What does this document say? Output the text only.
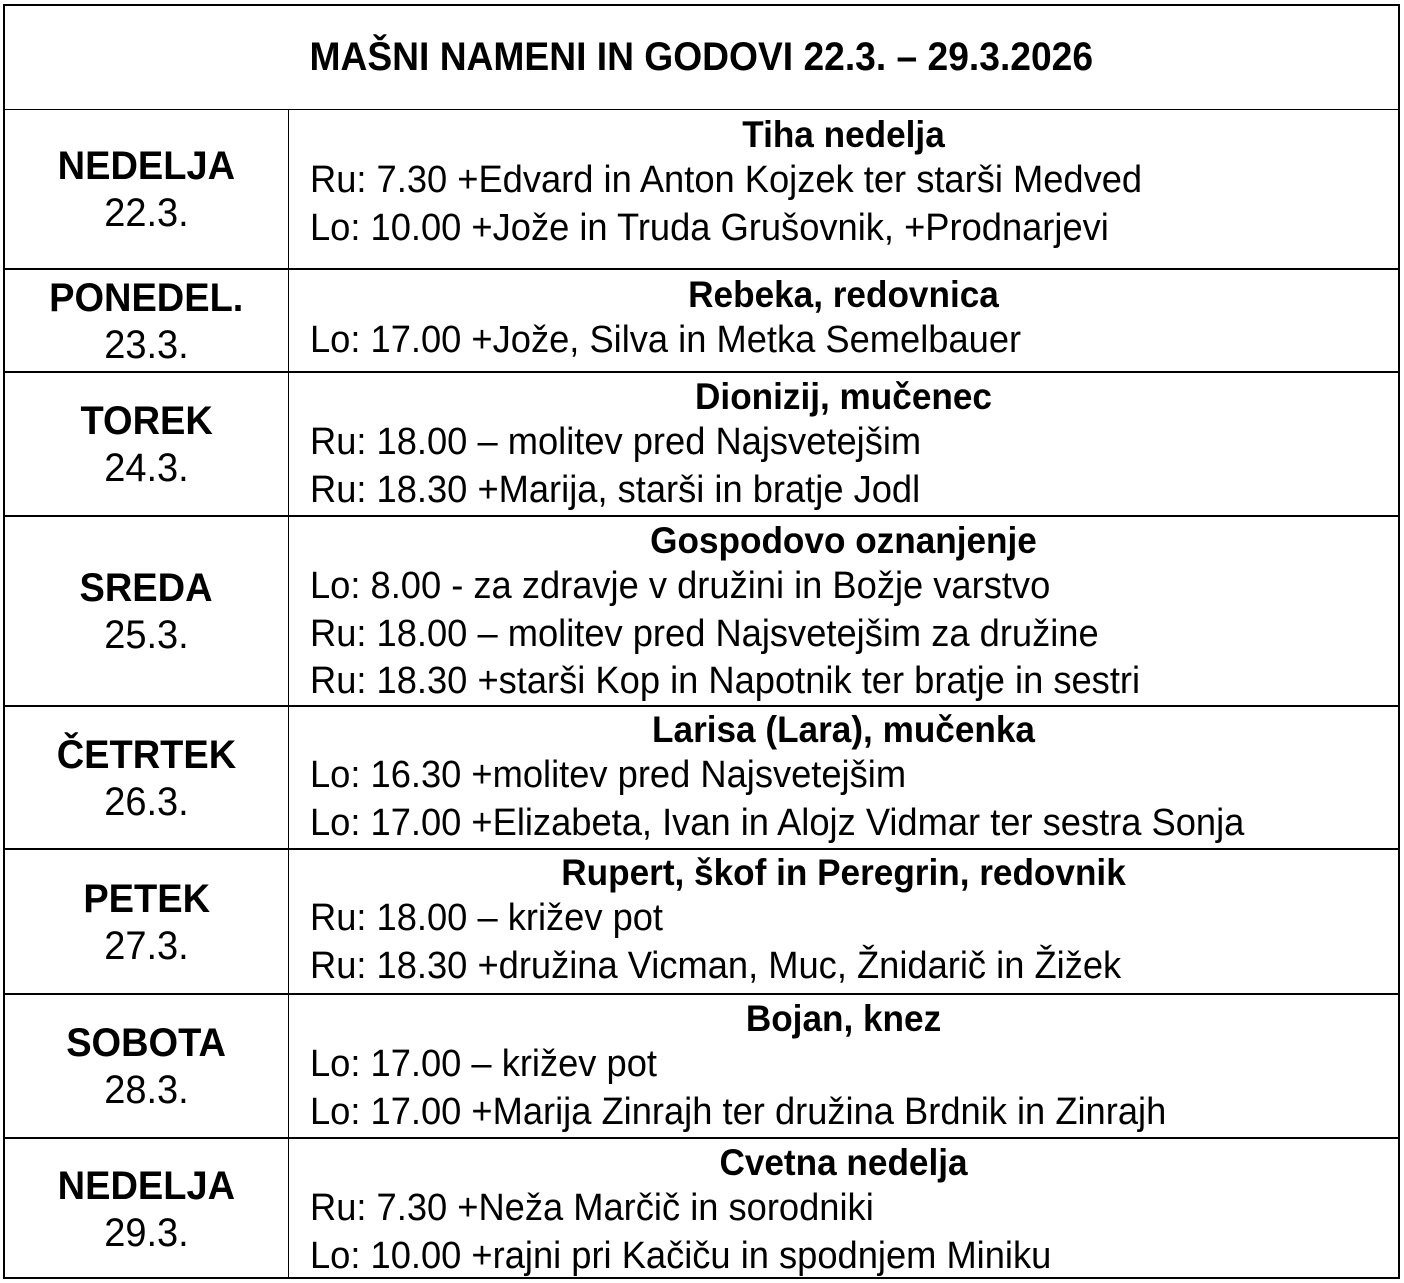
MAŠNI NAMENI IN GODOVI 22.3. – 29.3.2026
NEDELJA
22.3.
Tiha nedelja
Ru: 7.30 +Edvard in Anton Kojzek ter starši Medved
Lo: 10.00 +Jože in Truda Grušovnik, +Prodnarjevi
PONEDEL.
23.3.
Rebeka, redovnica
Lo: 17.00 +Jože, Silva in Metka Semelbauer
TOREK
24.3.
Dionizij, mučenec
Ru: 18.00 – molitev pred Najsvetejšim
Ru: 18.30 +Marija, starši in bratje Jodl
SREDA
25.3.
Gospodovo oznanjenje
Lo: 8.00 - za zdravje v družini in Božje varstvo
Ru: 18.00 – molitev pred Najsvetejšim za družine
Ru: 18.30 +starši Kop in Napotnik ter bratje in sestri
ČETRTEK
26.3.
Larisa (Lara), mučenka
Lo: 16.30 +molitev pred Najsvetejšim
Lo: 17.00 +Elizabeta, Ivan in Alojz Vidmar ter sestra Sonja
PETEK
27.3.
Rupert, škof in Peregrin, redovnik
Ru: 18.00 – križev pot
Ru: 18.30 +družina Vicman, Muc, Žnidarič in Žižek
SOBOTA
28.3.
Bojan, knez
Lo: 17.00 – križev pot
Lo: 17.00 +Marija Zinrajh ter družina Brdnik in Zinrajh
NEDELJA
29.3.
Cvetna nedelja
Ru: 7.30 +Neža Marčič in sorodniki
Lo: 10.00 +rajni pri Kačiču in spodnjem Miniku
